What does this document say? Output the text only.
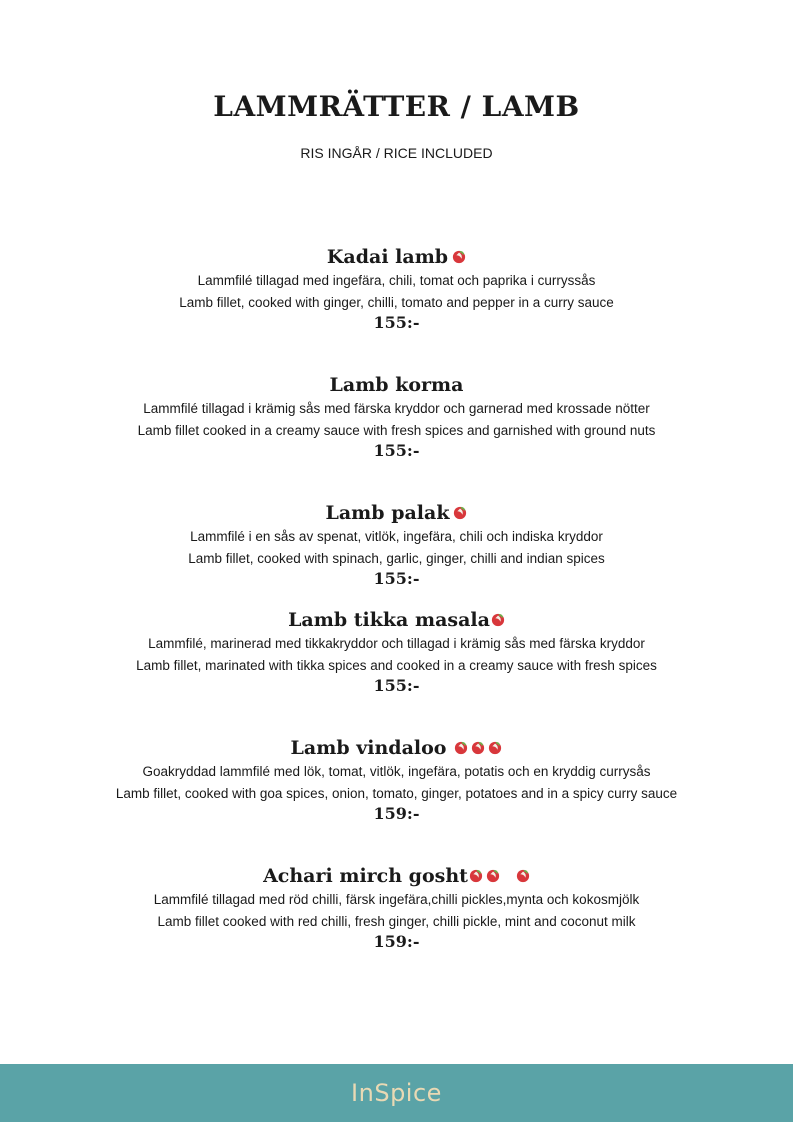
LAMMRÄTTER / LAMB

RIS INGÅR / RICE INCLUDED

Kadai lamb
Lammfilé tillagad med ingefära, chili, tomat och paprika i curryssås
Lamb fillet, cooked with ginger, chilli, tomato and pepper in a curry sauce
155:-
Lamb korma
Lammfilé tillagad i krämig sås med färska kryddor och garnerad med krossade nötter
Lamb fillet cooked in a creamy sauce with fresh spices and garnished with ground nuts
155:-
Lamb palak
Lammfilé i en sås av spenat, vitlök, ingefära, chili och indiska kryddor
Lamb fillet, cooked with spinach, garlic, ginger, chilli and indian spices
155:-
Lamb tikka masala
Lammfilé, marinerad med tikkakryddor och tillagad i krämig sås med färska kryddor
Lamb fillet, marinated with tikka spices and cooked in a creamy sauce with fresh spices
155:-
Lamb vindaloo
Goakryddad lammfilé med lök, tomat, vitlök, ingefära, potatis och en kryddig currysås
Lamb fillet, cooked with goa spices, onion, tomato, ginger, potatoes and in a spicy curry sauce
159:-
Achari mirch gosht
Lammfilé tillagad med röd chilli, färsk ingefära,chilli pickles,mynta och kokosmjölk
Lamb fillet cooked with red chilli, fresh ginger, chilli pickle, mint and coconut milk
159:-
InSpice
